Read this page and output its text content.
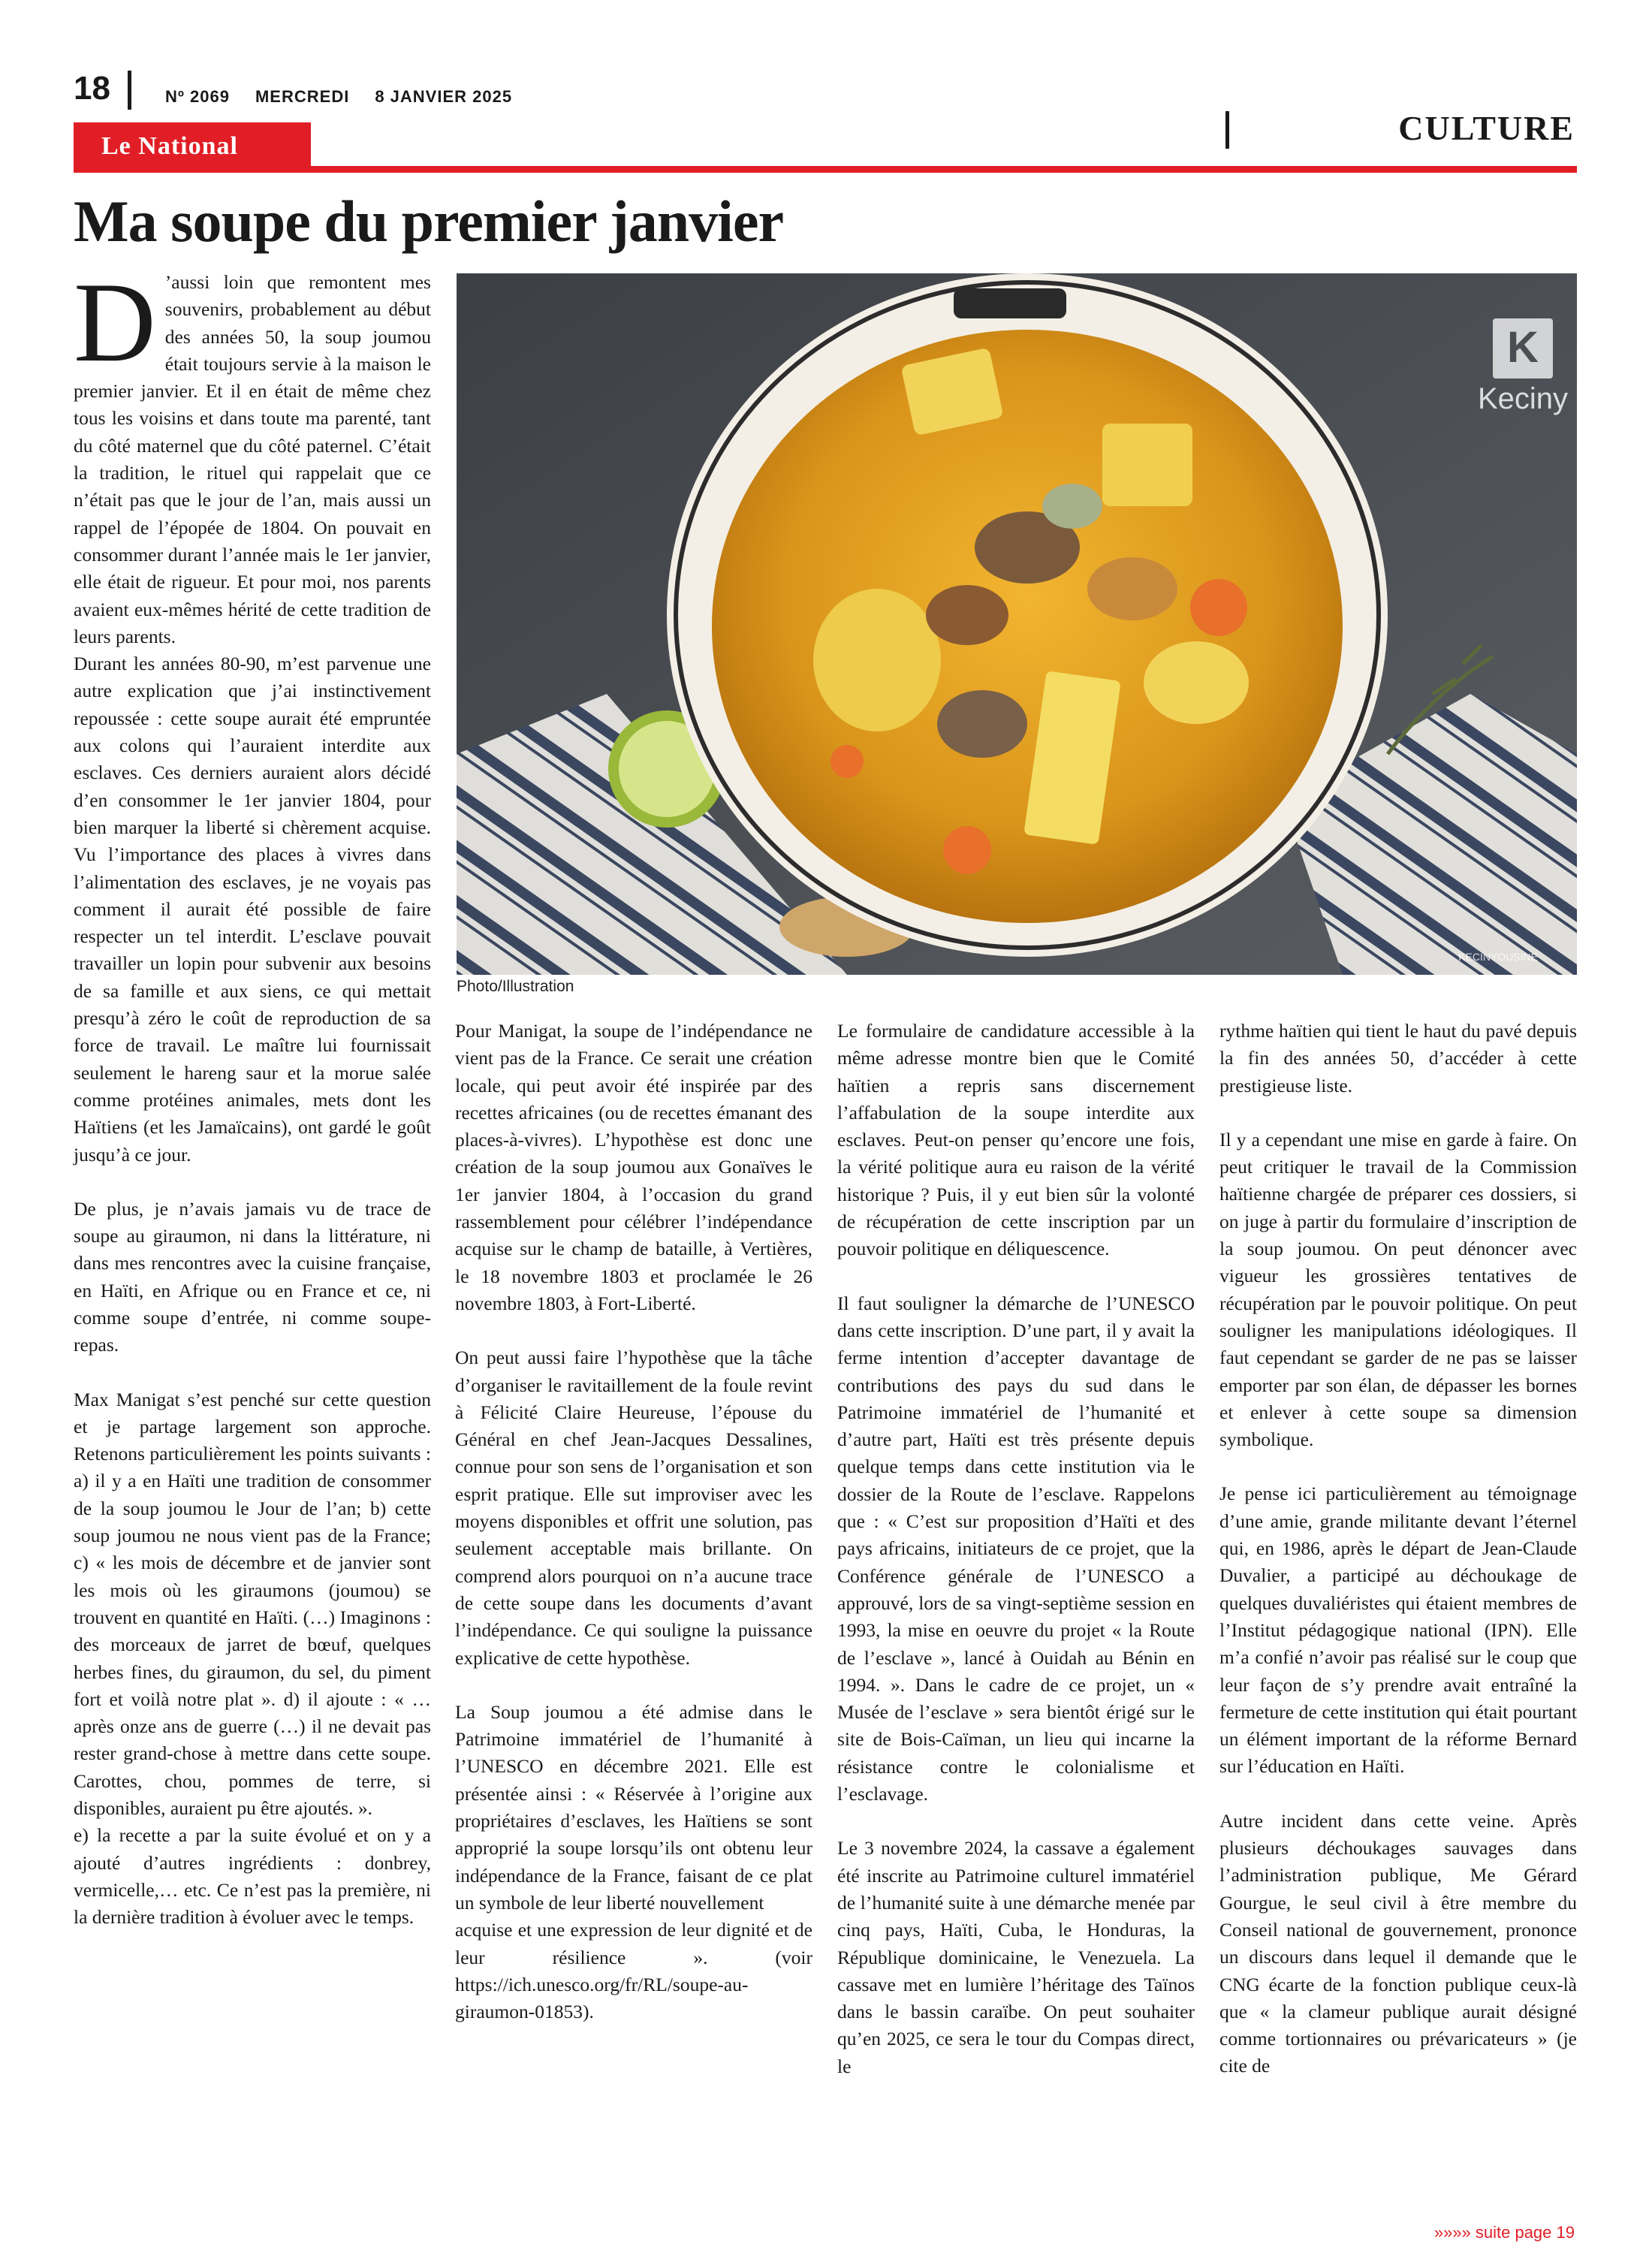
18	Nº 2069 MERCREDI 8 JANVIER 2025
CULTURE
Le National
Ma soupe du premier janvier
K
Keciny
KECINYOUSINE
Photo/Illustration

D ’aussi loin que remontent mes souvenirs, probablement au début des années 50, la soup joumou était toujours servie à la maison le premier janvier. Et il en était de même chez tous les voisins et dans toute ma parenté, tant du côté maternel que du côté paternel. C’était la tradition, le rituel qui rappelait que ce n’était pas que le jour de l’an, mais aussi un rappel de l’épopée de 1804. On pouvait en consommer durant l’année mais le 1er janvier, elle était de rigueur. Et pour moi, nos parents avaient eux-mêmes hérité de cette tradition de leurs parents.
Durant les années 80-90, m’est parvenue une autre explication que j’ai instinctivement repoussée : cette soupe aurait été empruntée aux colons qui l’auraient interdite aux esclaves. Ces derniers auraient alors décidé d’en consommer le 1er janvier 1804, pour bien marquer la liberté si chèrement acquise. Vu l’importance des places à vivres dans l’alimentation des esclaves, je ne voyais pas comment il aurait été possible de faire respecter un tel interdit. L’esclave pouvait travailler un lopin pour subvenir aux besoins de sa famille et aux siens, ce qui mettait presqu’à zéro le coût de reproduction de sa force de travail. Le maître lui fournissait seulement le hareng saur et la morue salée comme protéines animales, mets dont les Haïtiens (et les Jamaïcains), ont gardé le goût jusqu’à ce jour.

De plus, je n’avais jamais vu de trace de soupe au giraumon, ni dans la littérature, ni dans mes rencontres avec la cuisine française, en Haïti, en Afrique ou en France et ce, ni comme soupe d’entrée, ni comme soupe-repas.

Max Manigat s’est penché sur cette question et je partage largement son approche. Retenons particulièrement les points suivants : a) il y a en Haïti une tradition de consommer de la soup joumou le Jour de l’an; b) cette soup joumou ne nous vient pas de la France; c) « les mois de décembre et de janvier sont les mois où les giraumons (joumou) se trouvent en quantité en Haïti. (…) Imaginons : des morceaux de jarret de bœuf, quelques herbes fines, du giraumon, du sel, du piment fort et voilà notre plat ». d) il ajoute : « …après onze ans de guerre (…) il ne devait pas rester grand-chose à mettre dans cette soupe. Carottes, chou, pommes de terre, si disponibles, auraient pu être ajoutés. ».
e) la recette a par la suite évolué et on y a ajouté d’autres ingrédients : donbrey, vermicelle,… etc. Ce n’est pas la première, ni la dernière tradition à évoluer avec le temps.

Pour Manigat, la soupe de l’indépendance ne vient pas de la France. Ce serait une création locale, qui peut avoir été inspirée par des recettes africaines (ou de recettes émanant des places-à-vivres). L’hypothèse est donc une création de la soup joumou aux Gonaïves le 1er janvier 1804, à l’occasion du grand rassemblement pour célébrer l’indépendance acquise sur le champ de bataille, à Vertières, le 18 novembre 1803 et proclamée le 26 novembre 1803, à Fort-Liberté.

On peut aussi faire l’hypothèse que la tâche d’organiser le ravitaillement de la foule revint à Félicité Claire Heureuse, l’épouse du Général en chef Jean-Jacques Dessalines, connue pour son sens de l’organisation et son esprit pratique. Elle sut improviser avec les moyens disponibles et offrit une solution, pas seulement acceptable mais brillante. On comprend alors pourquoi on n’a aucune trace de cette soupe dans les documents d’avant l’indépendance. Ce qui souligne la puissance explicative de cette hypothèse.

La Soup joumou a été admise dans le Patrimoine immatériel de l’humanité à l’UNESCO en décembre 2021. Elle est présentée ainsi : « Réservée à l’origine aux propriétaires d’esclaves, les Haïtiens se sont approprié la soupe lorsqu’ils ont obtenu leur indépendance de la France, faisant de ce plat un symbole de leur liberté nouvellement
acquise et une expression de leur dignité et de leur résilience ». (voir https://ich.unesco.org/fr/RL/soupe-au-giraumon-01853).

Le formulaire de candidature accessible à la même adresse montre bien que le Comité haïtien a repris sans discernement l’affabulation de la soupe interdite aux esclaves. Peut-on penser qu’encore une fois, la vérité politique aura eu raison de la vérité historique ? Puis, il y eut bien sûr la volonté de récupération de cette inscription par un pouvoir politique en déliquescence.

Il faut souligner la démarche de l’UNESCO dans cette inscription. D’une part, il y avait la ferme intention d’accepter davantage de contributions des pays du sud dans le Patrimoine immatériel de l’humanité et d’autre part, Haïti est très présente depuis quelque temps dans cette institution via le dossier de la Route de l’esclave. Rappelons que : « C’est sur proposition d’Haïti et des pays africains, initiateurs de ce projet, que la Conférence générale de l’UNESCO a approuvé, lors de sa vingt-septième session en 1993, la mise en oeuvre du projet « la Route de l’esclave », lancé à Ouidah au Bénin en 1994. ». Dans le cadre de ce projet, un « Musée de l’esclave » sera bientôt érigé sur le site de Bois-Caïman, un lieu qui incarne la résistance contre le colonialisme et l’esclavage.

Le 3 novembre 2024, la cassave a également été inscrite au Patrimoine culturel immatériel de l’humanité suite à une démarche menée par cinq pays, Haïti, Cuba, le Honduras, la République dominicaine, le Venezuela. La cassave met en lumière l’héritage des Taïnos dans le bassin caraïbe. On peut souhaiter qu’en 2025, ce sera le tour du Compas direct, le

rythme haïtien qui tient le haut du pavé depuis la fin des années 50, d’accéder à cette prestigieuse liste.

Il y a cependant une mise en garde à faire. On peut critiquer le travail de la Commission haïtienne chargée de préparer ces dossiers, si on juge à partir du formulaire d’inscription de la soup joumou. On peut dénoncer avec vigueur les grossières tentatives de récupération par le pouvoir politique. On peut souligner les manipulations idéologiques. Il faut cependant se garder de ne pas se laisser emporter par son élan, de dépasser les bornes et enlever à cette soupe sa dimension symbolique.

Je pense ici particulièrement au témoignage d’une amie, grande militante devant l’éternel qui, en 1986, après le départ de Jean-Claude Duvalier, a participé au déchoukage de quelques duvaliéristes qui étaient membres de l’Institut pédagogique national (IPN). Elle m’a confié n’avoir pas réalisé sur le coup que leur façon de s’y prendre avait entraîné la fermeture de cette institution qui était pourtant un élément important de la réforme Bernard sur l’éducation en Haïti.

Autre incident dans cette veine. Après plusieurs déchoukages sauvages dans l’administration publique, Me Gérard Gourgue, le seul civil à être membre du Conseil national de gouvernement, prononce un discours dans lequel il demande que le CNG écarte de la fonction publique ceux-là que « la clameur publique aurait désigné comme tortionnaires ou prévaricateurs » (je cite de

»»»» suite page 19
